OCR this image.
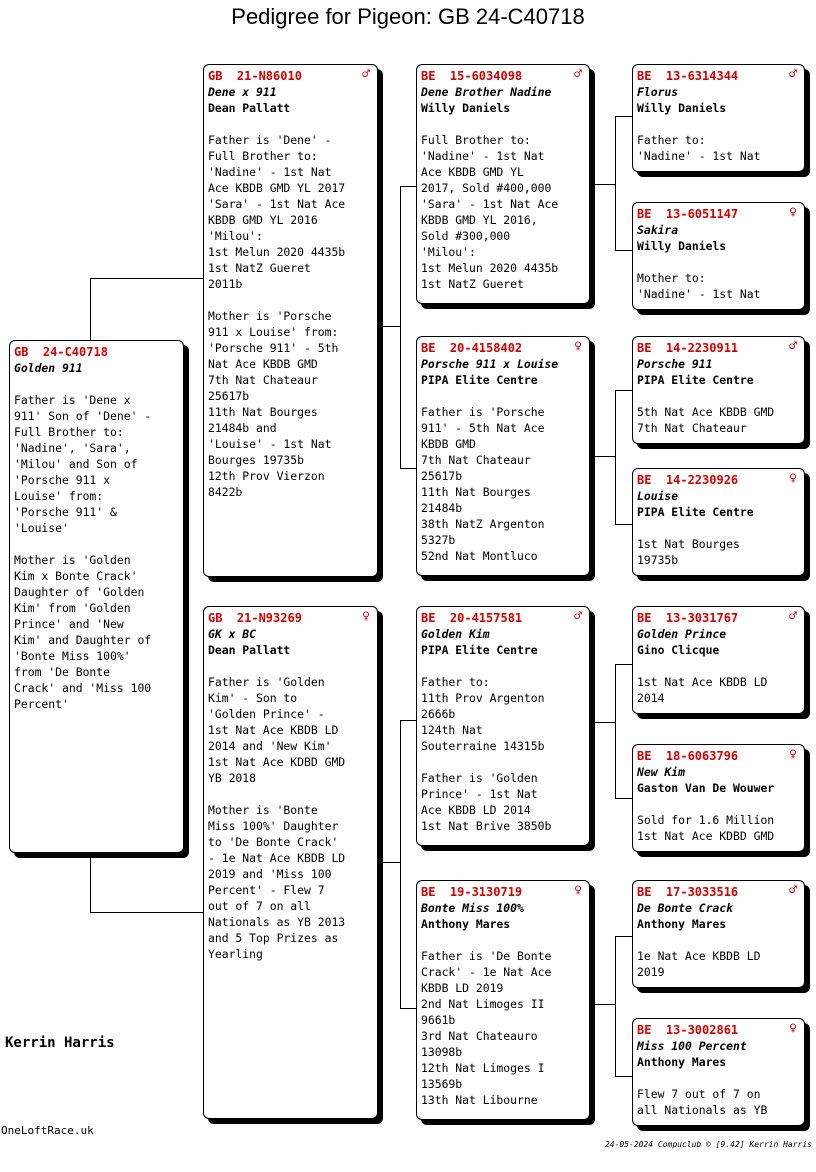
Pedigree for Pigeon: GB 24-C40718
GB  24-C40718
Golden 911
Father is 'Dene x
911' Son of 'Dene' -
Full Brother to:
'Nadine', 'Sara',
'Milou' and Son of
'Porsche 911 x
Louise' from:
'Porsche 911' &
'Louise'

Mother is 'Golden
Kim x Bonte Crack'
Daughter of 'Golden
Kim' from 'Golden
Prince' and 'New
Kim' and Daughter of
'Bonte Miss 100%'
from 'De Bonte
Crack' and 'Miss 100
Percent'
♂
GB  21-N86010
Dene x 911
Dean Pallatt
Father is 'Dene' -
Full Brother to:
'Nadine' - 1st Nat
Ace KBDB GMD YL 2017
'Sara' - 1st Nat Ace
KBDB GMD YL 2016
'Milou':
1st Melun 2020 4435b
1st NatZ Gueret
2011b

Mother is 'Porsche
911 x Louise' from:
'Porsche 911' - 5th
Nat Ace KBDB GMD
7th Nat Chateaur
25617b
11th Nat Bourges
21484b and
'Louise' - 1st Nat
Bourges 19735b
12th Prov Vierzon
8422b
♀
GB  21-N93269
GK x BC
Dean Pallatt
Father is 'Golden
Kim' - Son to
'Golden Prince' -
1st Nat Ace KBDB LD
2014 and 'New Kim'
1st Nat Ace KDBD GMD
YB 2018

Mother is 'Bonte
Miss 100%' Daughter
to 'De Bonte Crack'
- 1e Nat Ace KBDB LD
2019 and 'Miss 100
Percent' - Flew 7
out of 7 on all
Nationals as YB 2013
and 5 Top Prizes as
Yearling
♂
BE  15-6034098
Dene Brother Nadine
Willy Daniels
Full Brother to:
'Nadine' - 1st Nat
Ace KBDB GMD YL
2017, Sold #400,000
'Sara' - 1st Nat Ace
KBDB GMD YL 2016,
Sold #300,000
'Milou':
1st Melun 2020 4435b
1st NatZ Gueret
♀
BE  20-4158402
Porsche 911 x Louise
PIPA Elite Centre
Father is 'Porsche
911' - 5th Nat Ace
KBDB GMD
7th Nat Chateaur
25617b
11th Nat Bourges
21484b
38th NatZ Argenton
5327b
52nd Nat Montluco
♂
BE  20-4157581
Golden Kim
PIPA Elite Centre
Father to:
11th Prov Argenton
2666b
124th Nat
Souterraine 14315b

Father is 'Golden
Prince' - 1st Nat
Ace KBDB LD 2014
1st Nat Brive 3850b
♀
BE  19-3130719
Bonte Miss 100%
Anthony Mares
Father is 'De Bonte
Crack' - 1e Nat Ace
KBDB LD 2019
2nd Nat Limoges II
9661b
3rd Nat Chateauro
13098b
12th Nat Limoges I
13569b
13th Nat Libourne
♂
BE  13-6314344
Florus
Willy Daniels
Father to:
'Nadine' - 1st Nat
♀
BE  13-6051147
Sakira
Willy Daniels
Mother to:
'Nadine' - 1st Nat
♂
BE  14-2230911
Porsche 911
PIPA Elite Centre
5th Nat Ace KBDB GMD
7th Nat Chateaur
♀
BE  14-2230926
Louise
PIPA Elite Centre
1st Nat Bourges
19735b
♂
BE  13-3031767
Golden Prince
Gino Clicque
1st Nat Ace KBDB LD
2014
♀
BE  18-6063796
New Kim
Gaston Van De Wouwer
Sold for 1.6 Million
1st Nat Ace KDBD GMD
♂
BE  17-3033516
De Bonte Crack
Anthony Mares
1e Nat Ace KBDB LD
2019
♀
BE  13-3002861
Miss 100 Percent
Anthony Mares
Flew 7 out of 7 on
all Nationals as YB
Kerrin Harris
OneLoftRace.uk
24-05-2024 Compuclub © [9.42] Kerrin Harris
